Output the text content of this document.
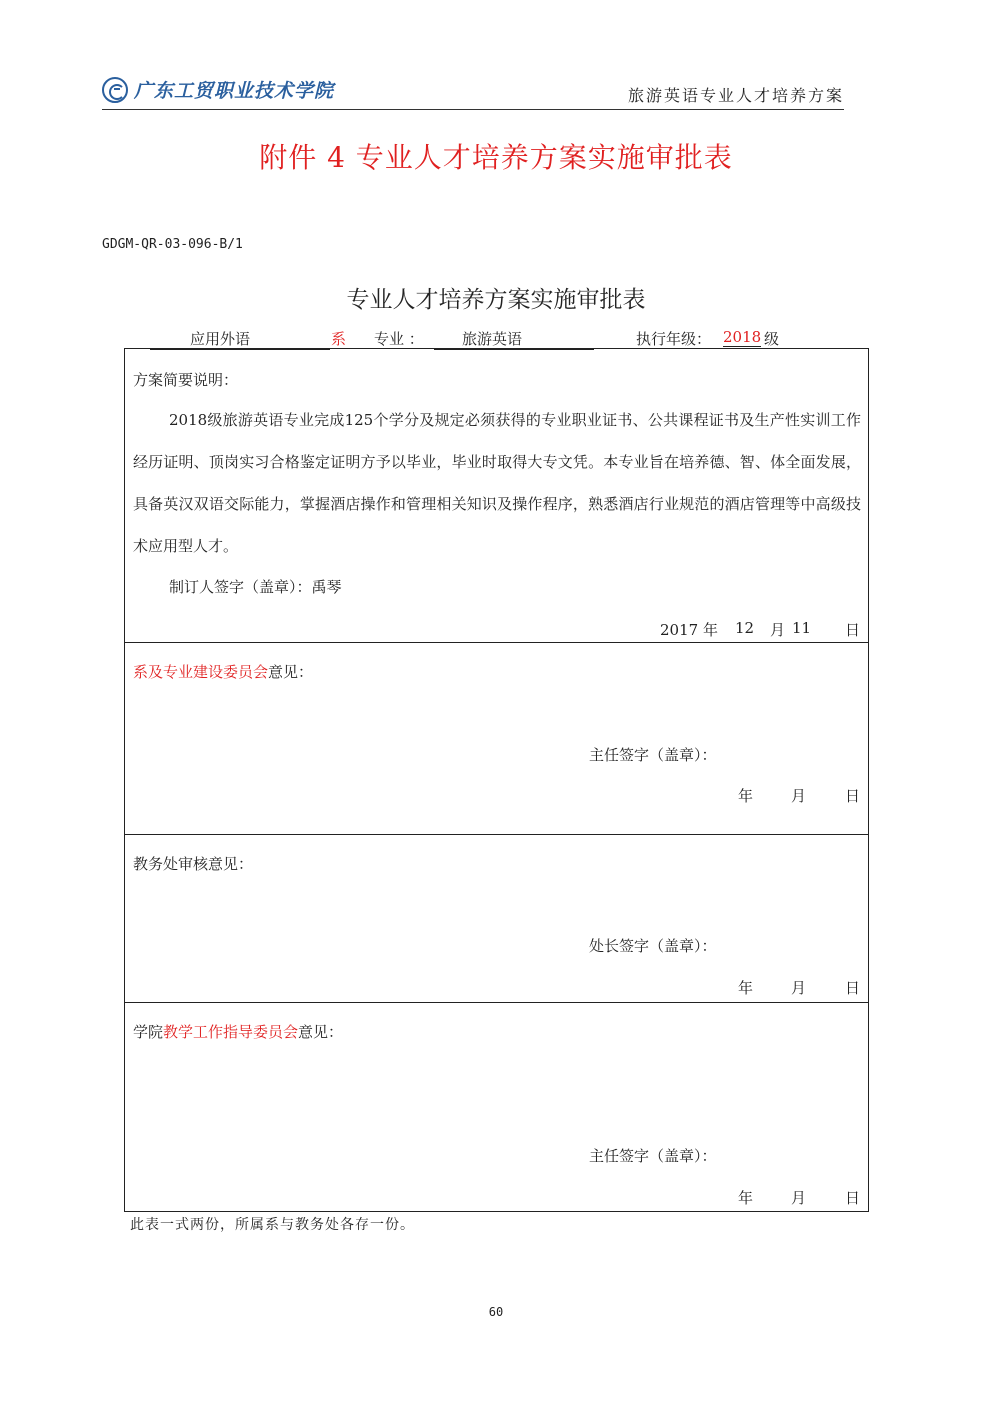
广东工贸职业技术学院	旅游英语专业人才培养方案
附件 4 专业人才培养方案实施审批表
GDGM-QR-03-096-B/1
专业人才培养方案实施审批表
应用外语	系 专业 ：	旅游英语	执行年级： 2018 级
方案简要说明：
2018级旅游英语专业完成125个学分及规定必须获得的专业职业证书、公共课程证书及生产性实训工作经历证明、顶岗实习合格鉴定证明方予以毕业，毕业时取得大专文凭。本专业旨在培养德、智、体全面发展，具备英汉双语交际能力，掌握酒店操作和管理相关知识及操作程序，熟悉酒店行业规范的酒店管理等中高级技术应用型人才。
制订人签字（盖章）：禹琴
2017 年 12 月 11 日
系及专业建设委员会意见：
主任签字（盖章）：
年	月	日
教务处审核意见：
处长签字（盖章）：
年	月	日
学院教学工作指导委员会意见：
主任签字（盖章）：
年	月	日
此表一式两份，所属系与教务处各存一份。
60
